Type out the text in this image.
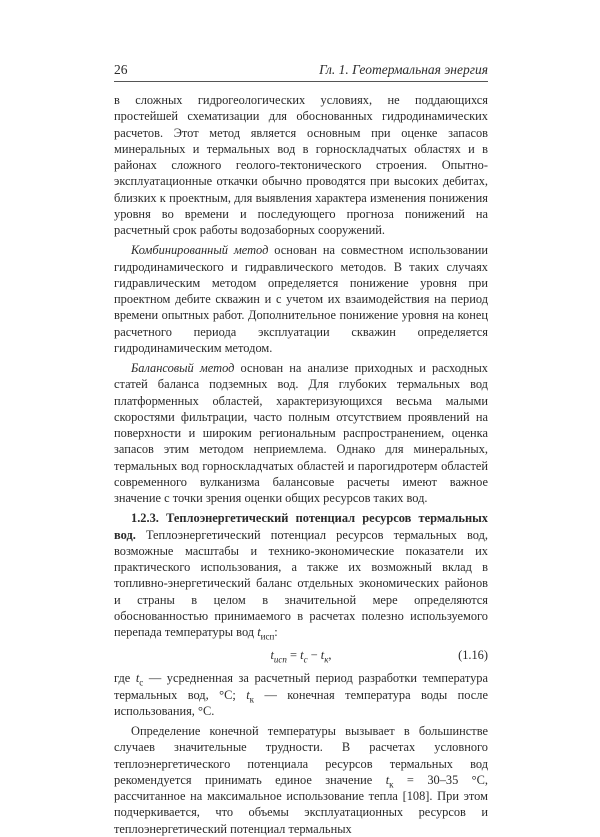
26	Гл. 1. Геотермальная энергия

в сложных гидрогеологических условиях, не поддающихся простейшей схематизации для обоснованных гидродинамических расчетов. Этот метод является основным при оценке запасов минеральных и термальных вод в горноскладчатых областях и в районах сложного геолого-тектонического строения. Опытно-эксплуатационные откачки обычно проводятся при высоких дебитах, близких к проектным, для выявления характера изменения понижения уровня во времени и последующего прогноза понижений на расчетный срок работы водозаборных сооружений.

Комбинированный метод основан на совместном использовании гидродинамического и гидравлического методов. В таких случаях гидравлическим методом определяется понижение уровня при проектном дебите скважин и с учетом их взаимодействия на период времени опытных работ. Дополнительное понижение уровня на конец расчетного периода эксплуатации скважин определяется гидродинамическим методом.

Балансовый метод основан на анализе приходных и расходных статей баланса подземных вод. Для глубоких термальных вод платформенных областей, характеризующихся весьма малыми скоростями фильтрации, часто полным отсутствием проявлений на поверхности и широким региональным распространением, оценка запасов этим методом неприемлема. Однако для минеральных, термальных вод горноскладчатых областей и парогидротерм областей современного вулканизма балансовые расчеты имеют важное значение с точки зрения оценки общих ресурсов таких вод.

1.2.3. Теплоэнергетический потенциал ресурсов термальных вод. Теплоэнергетический потенциал ресурсов термальных вод, возможные масштабы и технико-экономические показатели их практического использования, а также их возможный вклад в топливно-энергетический баланс отдельных экономических районов и страны в целом в значительной мере определяются обоснованностью принимаемого в расчетах полезно используемого перепада температуры вод $t_{исп}$:

$t_{исп} = t_с - t_к$,	(1.16)

где $t_с$ — усредненная за расчетный период разработки температура термальных вод, °С; $t_к$ — конечная температура воды после использования, °С.

Определение конечной температуры вызывает в большинстве случаев значительные трудности. В расчетах условного теплоэнергетического потенциала ресурсов термальных вод рекомендуется принимать единое значение $t_к = 30-35$ °С, рассчитанное на максимальное использование тепла [108]. При этом подчеркивается, что объемы эксплуатационных ресурсов и теплоэнергетический потенциал термальных
